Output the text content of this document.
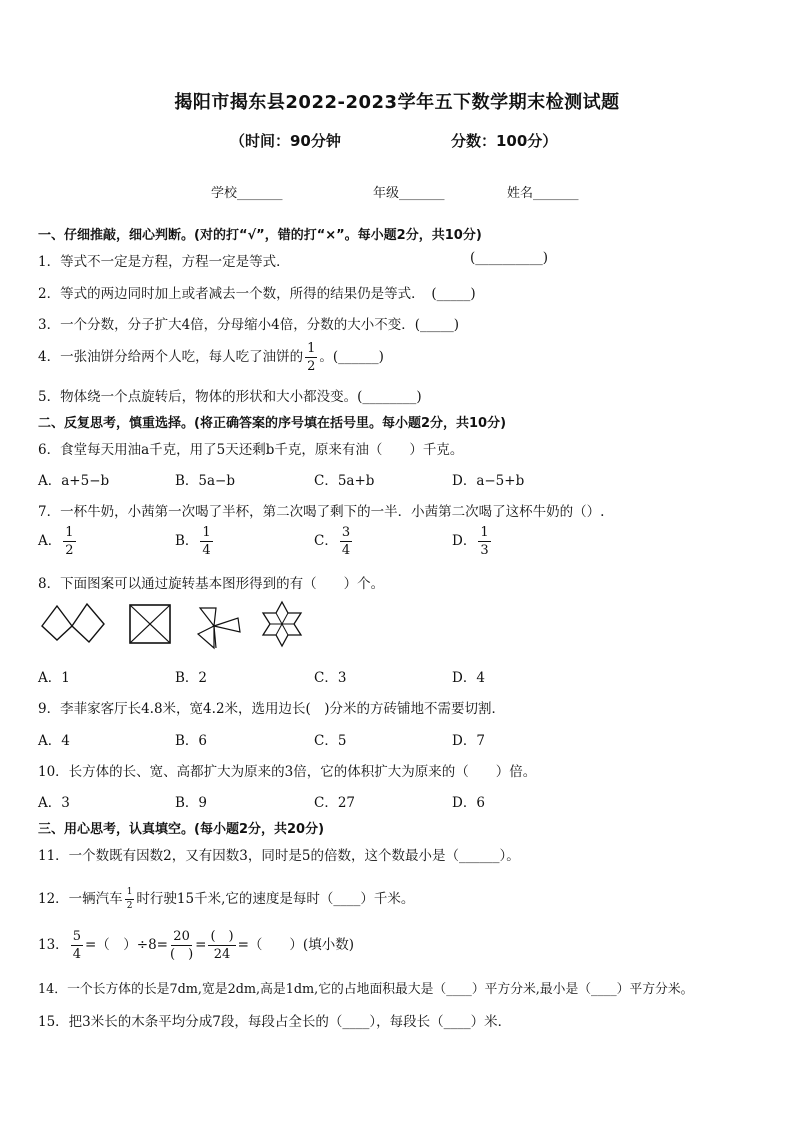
揭阳市揭东县2022-2023学年五下数学期末检测试题
（时间：90分钟	分数：100分）
学校_______	年级_______	姓名_______
一、仔细推敲，细心判断。(对的打“√”，错的打“×”。每小题2分，共10分)
1．等式不一定是方程，方程一定是等式．	(__________)
2．等式的两边同时加上或者减去一个数，所得的结果仍是等式．　(_____)
3．一个分数，分子扩大4倍，分母缩小4倍，分数的大小不变．(_____)
4．一张油饼分给两个人吃，每人吃了油饼的 $\frac{1}{2}$ 。(______)
5．物体绕一个点旋转后，物体的形状和大小都没变。(________)
二、反复思考，慎重选择。(将正确答案的序号填在括号里。每小题2分，共10分)
6．食堂每天用油a千克，用了5天还剩b千克，原来有油（　　）千克。
A．a+5−b	B．5a−b	C．5a+b	D．a−5+b
7．一杯牛奶，小茜第一次喝了半杯，第二次喝了剩下的一半．小茜第二次喝了这杯牛奶的（）.
A． $\frac{1}{2}$	B． $\frac{1}{4}$	C． $\frac{3}{4}$	D． $\frac{1}{3}$
8．下面图案可以通过旋转基本图形得到的有（　　）个。
A．1	B．2	C．3	D．4
9．李菲家客厅长4.8米，宽4.2米，选用边长(　)分米的方砖铺地不需要切割．
A．4	B．6	C．5	D．7
10．长方体的长、宽、高都扩大为原来的3倍，它的体积扩大为原来的（　　）倍。
A．3	B．9	C．27	D．6
三、用心思考，认真填空。(每小题2分，共20分)
11．一个数既有因数2，又有因数3，同时是5的倍数，这个数最小是（______）。
12．一辆汽车 $\frac{1}{2}$ 时行驶15千米,它的速度是每时（____）千米。
13． $\frac{5}{4}$ =（　）$\div 8= \frac{20}{( )} = \frac{( )}{24}$ =（　　）(填小数)
14．一个长方体的长是7dm,宽是2dm,高是1dm,它的占地面积最大是（____）平方分米,最小是（____）平方分米。
15．把3米长的木条平均分成7段，每段占全长的（____），每段长（____）米．
